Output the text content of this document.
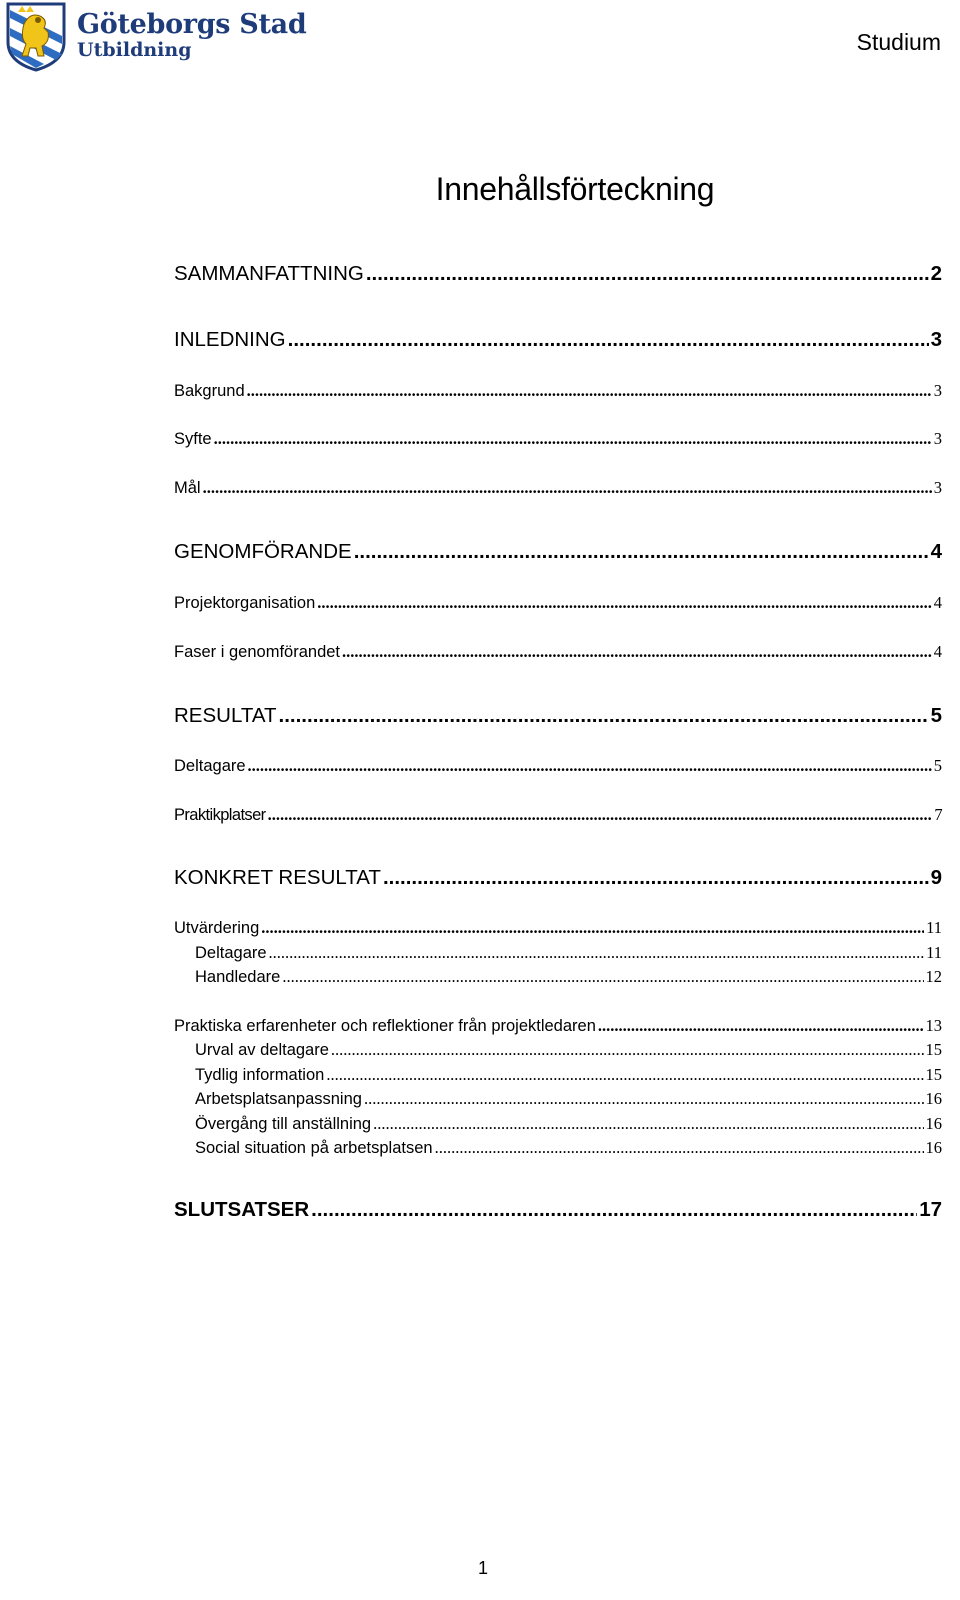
Göteborgs Stad
Utbildning	Studium
Innehållsförteckning
SAMMANFATTNING .....	2
INLEDNING .....	3
Bakgrund .....	3
Syfte .....	3
Mål .....	3
GENOMFÖRANDE .....	4
Projektorganisation .....	4
Faser i genomförandet .....	4
RESULTAT .....	5
Deltagare .....	5
Praktikplatser .....	7
KONKRET RESULTAT .....	9
Utvärdering .....	11
Deltagare .....	11
Handledare .....	12
Praktiska erfarenheter och reflektioner från projektledaren .....	13
Urval av deltagare .....	15
Tydlig information .....	15
Arbetsplatsanpassning .....	16
Övergång till anställning .....	16
Social situation på arbetsplatsen .....	16
SLUTSATSER .....	17
1
